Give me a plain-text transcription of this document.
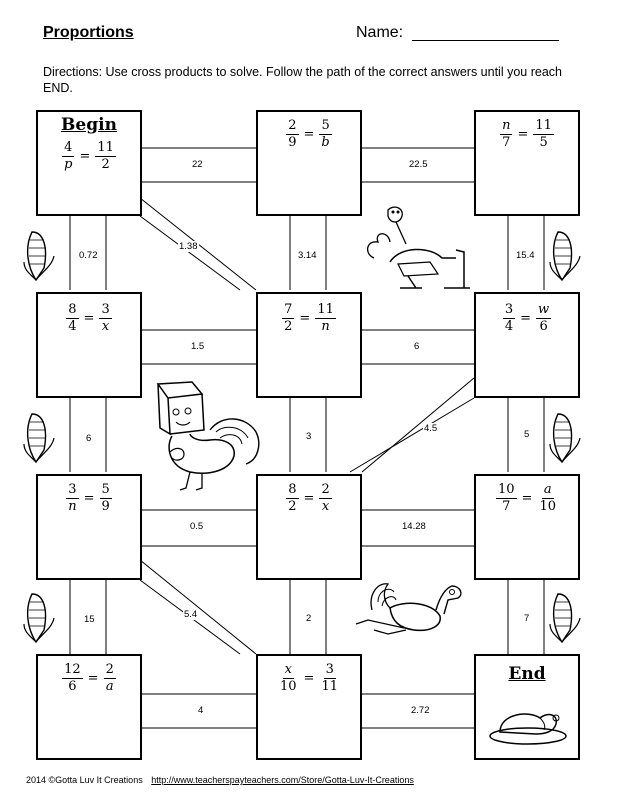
Proportions	Name:
Directions: Use cross products to solve. Follow the path of the correct answers until you reach END.
Begin
$\frac{4}{p} = \frac{11}{2}$
$\frac{2}{9} = \frac{5}{b}$	$\frac{n}{7} = \frac{11}{5}$
$\frac{8}{4} = \frac{3}{x}$	$\frac{7}{2} = \frac{11}{n}$	$\frac{3}{4} = \frac{w}{6}$
$\frac{3}{n} = \frac{5}{9}$	$\frac{8}{2} = \frac{2}{x}$	$\frac{10}{7} = \frac{a}{10}$
$\frac{12}{6} = \frac{2}{a}$	$\frac{x}{10} = \frac{3}{11}$	End
22	22.5
0.72
1.38
3.14	15.4
1.5	6
6	3
4.5
5
0.5	14.28
15	5.4	2	7
4	2.72
2014 ©Gotta Luv It Creations http://www.teacherspayteachers.com/Store/Gotta-Luv-It-Creations
